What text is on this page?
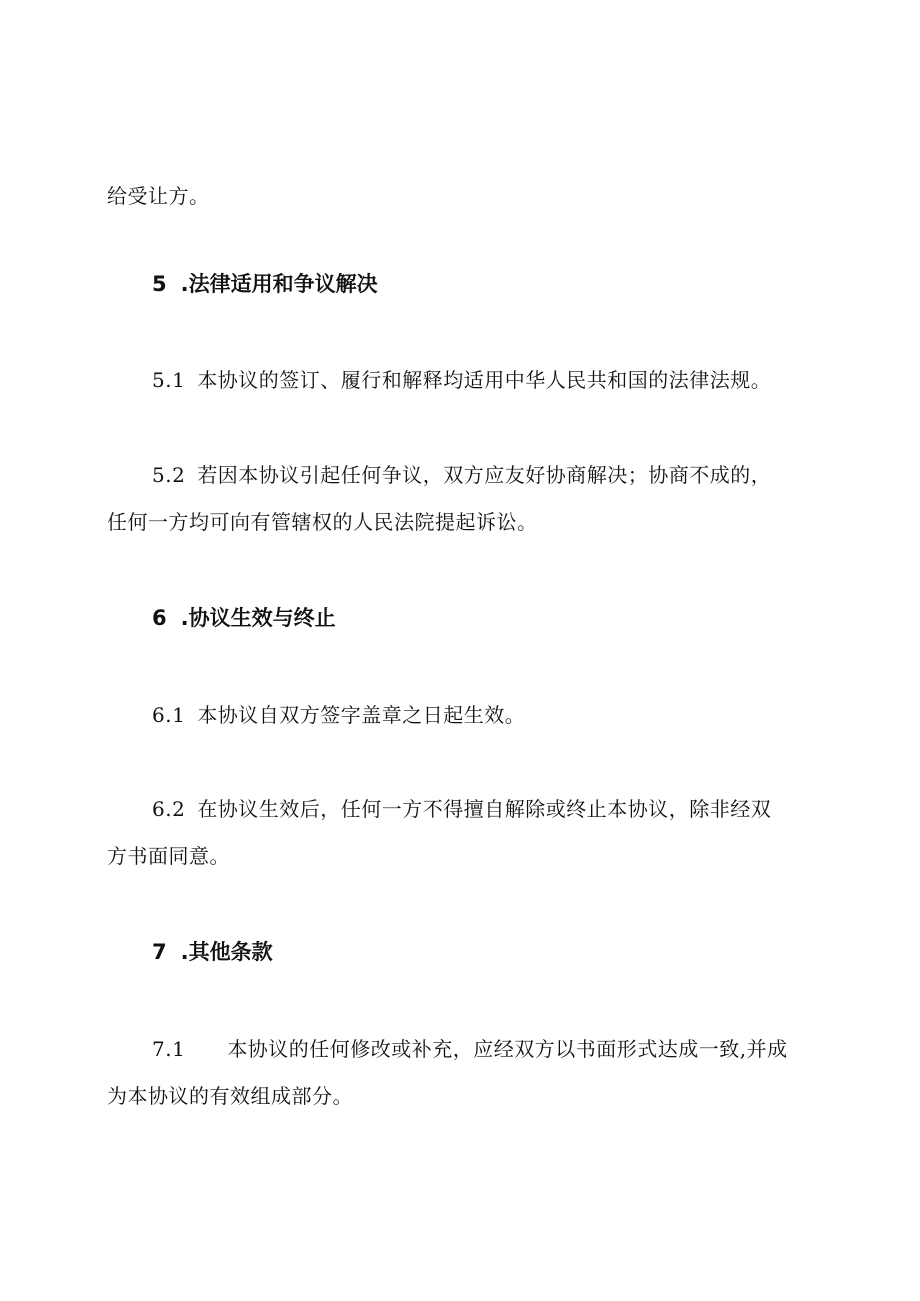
给受让方。
5 .法律适用和争议解决
5.1 本协议的签订、履行和解释均适用中华人民共和国的法律法规。
5.2 若因本协议引起任何争议，双方应友好协商解决；协商不成的，
任何一方均可向有管辖权的人民法院提起诉讼。
6 .协议生效与终止
6.1 本协议自双方签字盖章之日起生效。
6.2 在协议生效后，任何一方不得擅自解除或终止本协议，除非经双
方书面同意。
7 .其他条款
7.1 本协议的任何修改或补充，应经双方以书面形式达成一致,并成
为本协议的有效组成部分。
